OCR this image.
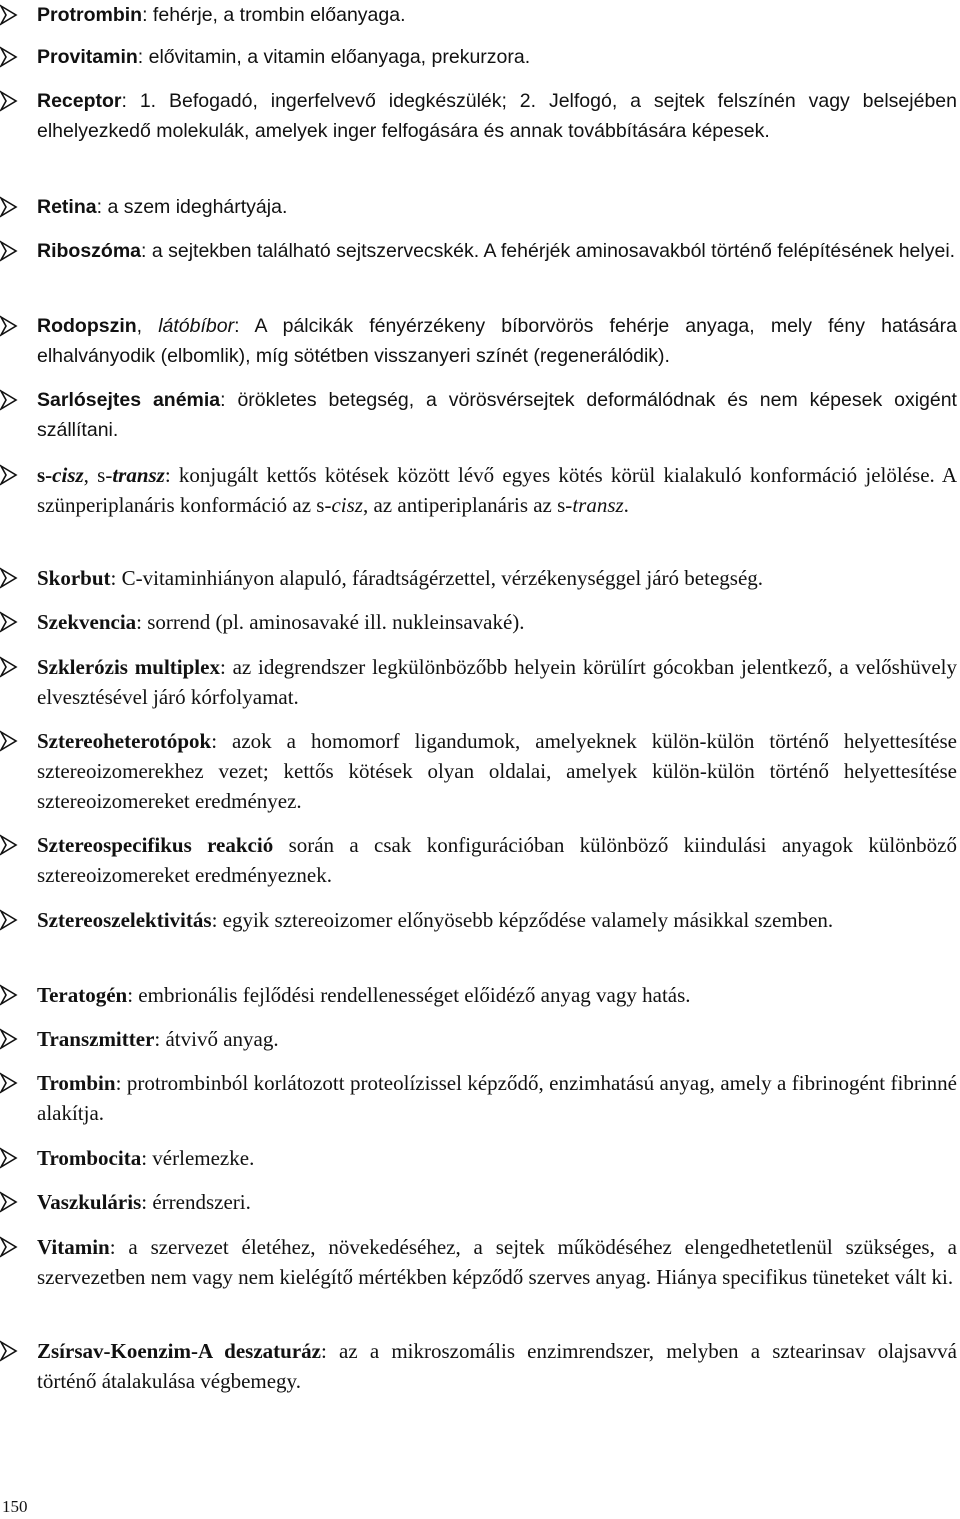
Protrombin: fehérje, a trombin előanyaga.
Provitamin: elővitamin, a vitamin előanyaga, prekurzora.
Receptor: 1. Befogadó, ingerfelvevő idegkészülék; 2. Jelfogó, a sejtek felszínén vagy belsejében elhelyezkedő molekulák, amelyek inger felfogására és annak továbbítására képesek.
Retina: a szem ideghártyája.
Riboszóma: a sejtekben található sejtszervecskék. A fehérjék aminosavakból történő felépítésének helyei.
Rodopszin, látóbíbor: A pálcikák fényérzékeny bíborvörös fehérje anyaga, mely fény hatására elhalványodik (elbomlik), míg sötétben visszanyeri színét (regenerálódik).
Sarlósejtes anémia: örökletes betegség, a vörösvérsejtek deformálódnak és nem képesek oxigént szállítani.
s-cisz, s-transz: konjugált kettős kötések között lévő egyes kötés körül kialakuló konformáció jelölése. A szünperiplanáris konformáció az s-cisz, az antiperiplanáris az s-transz.
Skorbut: C-vitaminhiányon alapuló, fáradtságérzettel, vérzékenységgel járó betegség.
Szekvencia: sorrend (pl. aminosavaké ill. nukleinsavaké).
Szklerózis multiplex: az idegrendszer legkülönbözőbb helyein körülírt gócokban jelentkező, a velőshüvely elvesztésével járó kórfolyamat.
Sztereoheterotópok: azok a homomorf ligandumok, amelyeknek külön-külön történő helyettesítése sztereoizomerekhez vezet; kettős kötések olyan oldalai, amelyek külön-külön történő helyettesítése sztereoizomereket eredményez.
Sztereospecifikus reakció során a csak konfigurációban különböző kiindulási anyagok különböző sztereoizomereket eredményeznek.
Sztereoszelektivitás: egyik sztereoizomer előnyösebb képződése valamely másikkal szemben.
Teratogén: embrionális fejlődési rendellenességet előidéző anyag vagy hatás.
Transzmitter: átvivő anyag.
Trombin: protrombinból korlátozott proteolízissel képződő, enzimhatású anyag, amely a fibrinogént fibrinné alakítja.
Trombocita: vérlemezke.
Vaszkuláris: érrendszeri.
Vitamin: a szervezet életéhez, növekedéséhez, a sejtek működéséhez elengedhetetlenül szükséges, a szervezetben nem vagy nem kielégítő mértékben képződő szerves anyag. Hiánya specifikus tüneteket vált ki.
Zsírsav-Koenzim-A deszaturáz: az a mikroszomális enzimrendszer, melyben a sztearinsav olajsavvá történő átalakulása végbemegy.
150
